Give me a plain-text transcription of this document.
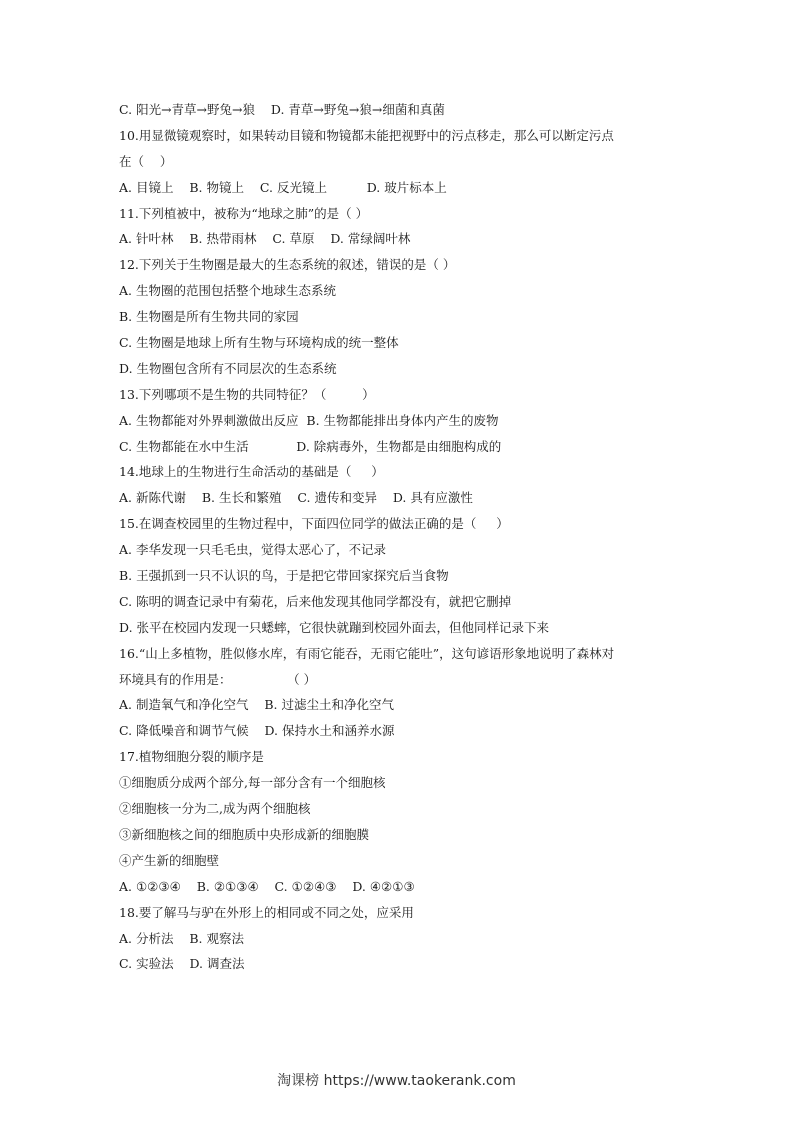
C. 阳光→青草→野兔→狼    D. 青草→野兔→狼→细菌和真菌
10.用显微镜观察时，如果转动目镜和物镜都未能把视野中的污点移走，那么可以断定污点
在（    ）
A. 目镜上    B. 物镜上    C. 反光镜上          D. 玻片标本上
11.下列植被中，被称为“地球之肺”的是（ ）
A. 针叶林    B. 热带雨林    C. 草原    D. 常绿阔叶林
12.下列关于生物圈是最大的生态系统的叙述，错误的是（ ）
A. 生物圈的范围包括整个地球生态系统
B. 生物圈是所有生物共同的家园
C. 生物圈是地球上所有生物与环境构成的统一整体
D. 生物圈包含所有不同层次的生态系统
13.下列哪项不是生物的共同特征？（         ）
A. 生物都能对外界刺激做出反应  B. 生物都能排出身体内产生的废物
C. 生物都能在水中生活            D. 除病毒外，生物都是由细胞构成的
14.地球上的生物进行生命活动的基础是（     ）
A. 新陈代谢    B. 生长和繁殖    C. 遗传和变异    D. 具有应激性
15.在调查校园里的生物过程中，下面四位同学的做法正确的是（     ）
A. 李华发现一只毛毛虫，觉得太恶心了，不记录
B. 王强抓到一只不认识的鸟，于是把它带回家探究后当食物
C. 陈明的调查记录中有菊花，后来他发现其他同学都没有，就把它删掉
D. 张平在校园内发现一只蟋蟀，它很快就蹦到校园外面去，但他同样记录下来
16.“山上多植物，胜似修水库，有雨它能吞，无雨它能吐”，这句谚语形象地说明了森林对
环境具有的作用是：              （ ）
A. 制造氧气和净化空气    B. 过滤尘土和净化空气
C. 降低噪音和调节气候    D. 保持水土和涵养水源
17.植物细胞分裂的顺序是
①细胞质分成两个部分,每一部分含有一个细胞核
②细胞核一分为二,成为两个细胞核
③新细胞核之间的细胞质中央形成新的细胞膜
④产生新的细胞壁
A. ①②③④    B. ②①③④    C. ①②④③    D. ④②①③
18.要了解马与驴在外形上的相同或不同之处，应采用
A. 分析法    B. 观察法
C. 实验法    D. 调查法
淘课榜 https://www.taokerank.com
